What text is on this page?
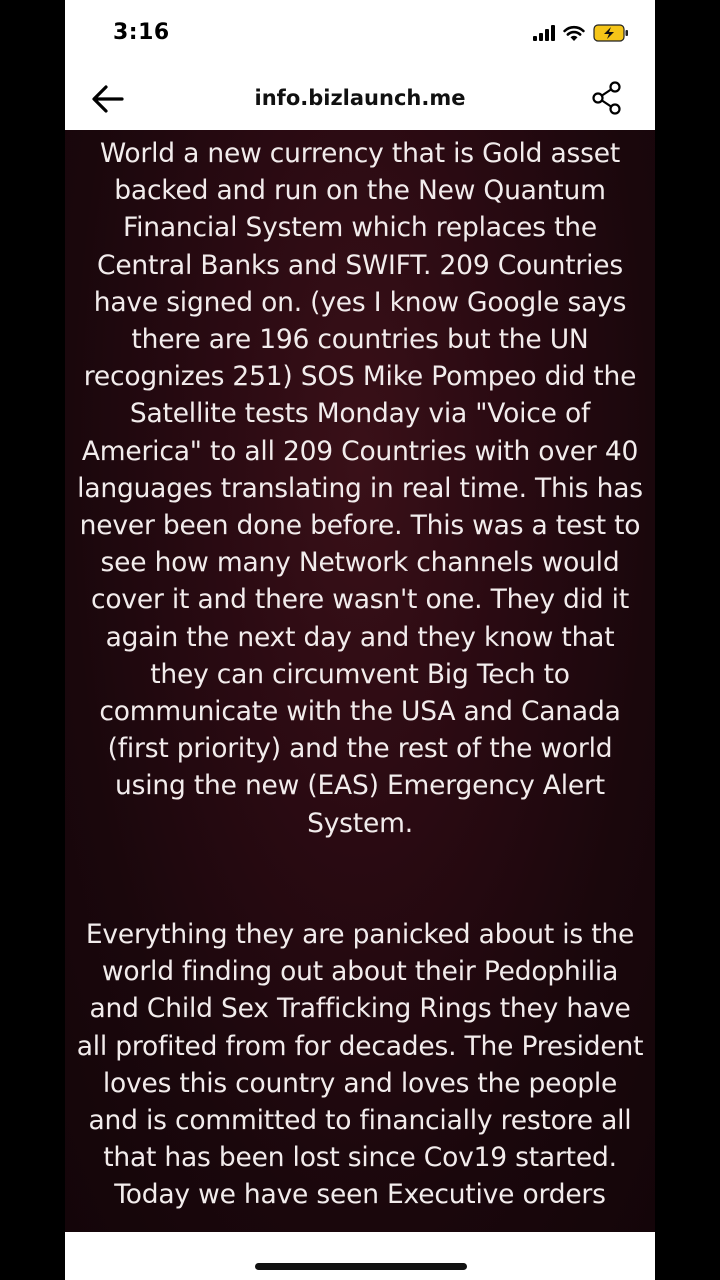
3:16
info.bizlaunch.me

World a new currency that is Gold asset backed and run on the New Quantum Financial System which replaces the Central Banks and SWIFT. 209 Countries have signed on. (yes I know Google says there are 196 countries but the UN recognizes 251) SOS Mike Pompeo did the Satellite tests Monday via "Voice of America" to all 209 Countries with over 40 languages translating in real time. This has never been done before. This was a test to see how many Network channels would cover it and there wasn't one. They did it again the next day and they know that they can circumvent Big Tech to communicate with the USA and Canada (first priority) and the rest of the world using the new (EAS) Emergency Alert System.

Everything they are panicked about is the world finding out about their Pedophilia and Child Sex Trafficking Rings they have all profited from for decades. The President loves this country and loves the people and is committed to financially restore all that has been lost since Cov19 started. Today we have seen Executive orders
